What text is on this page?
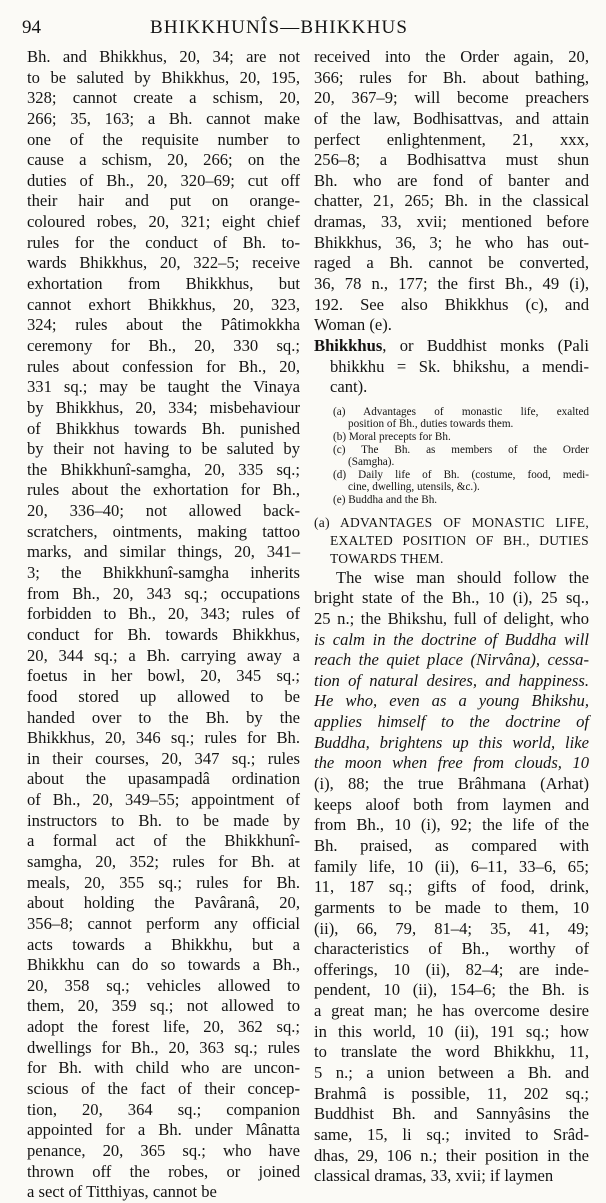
94	BHIKKHUNÎS—BHIKKHUS
Bh. and Bhikkhus, 20, 34; are not
to be saluted by Bhikkhus, 20, 195,
328; cannot create a schism, 20,
266; 35, 163; a Bh. cannot make
one of the requisite number to
cause a schism, 20, 266; on the
duties of Bh., 20, 320–69; cut off
their hair and put on orange-
coloured robes, 20, 321; eight chief
rules for the conduct of Bh. to-
wards Bhikkhus, 20, 322–5; receive
exhortation from Bhikkhus, but
cannot exhort Bhikkhus, 20, 323,
324; rules about the Pâtimokkha
ceremony for Bh., 20, 330 sq.;
rules about confession for Bh., 20,
331 sq.; may be taught the Vinaya
by Bhikkhus, 20, 334; misbehaviour
of Bhikkhus towards Bh. punished
by their not having to be saluted by
the Bhikkhunî-samgha, 20, 335 sq.;
rules about the exhortation for Bh.,
20, 336–40; not allowed back-
scratchers, ointments, making tattoo
marks, and similar things, 20, 341–
3; the Bhikkhunî-samgha inherits
from Bh., 20, 343 sq.; occupations
forbidden to Bh., 20, 343; rules of
conduct for Bh. towards Bhikkhus,
20, 344 sq.; a Bh. carrying away a
foetus in her bowl, 20, 345 sq.;
food stored up allowed to be
handed over to the Bh. by the
Bhikkhus, 20, 346 sq.; rules for Bh.
in their courses, 20, 347 sq.; rules
about the upasampadâ ordination
of Bh., 20, 349–55; appointment of
instructors to Bh. to be made by
a formal act of the Bhikkhunî-
samgha, 20, 352; rules for Bh. at
meals, 20, 355 sq.; rules for Bh.
about holding the Pavâranâ, 20,
356–8; cannot perform any official
acts towards a Bhikkhu, but a
Bhikkhu can do so towards a Bh.,
20, 358 sq.; vehicles allowed to
them, 20, 359 sq.; not allowed to
adopt the forest life, 20, 362 sq.;
dwellings for Bh., 20, 363 sq.; rules
for Bh. with child who are uncon-
scious of the fact of their concep-
tion, 20, 364 sq.; companion
appointed for a Bh. under Mânatta
penance, 20, 365 sq.; who have
thrown off the robes, or joined
a sect of Titthiyas, cannot be
received into the Order again, 20,
366; rules for Bh. about bathing,
20, 367–9; will become preachers
of the law, Bodhisattvas, and attain
perfect enlightenment, 21, xxx,
256–8; a Bodhisattva must shun
Bh. who are fond of banter and
chatter, 21, 265; Bh. in the classical
dramas, 33, xvii; mentioned before
Bhikkhus, 36, 3; he who has out-
raged a Bh. cannot be converted,
36, 78 n., 177; the first Bh., 49 (i),
192. See also Bhikkhus (c), and
Woman (e).
Bhikkhus, or Buddhist monks (Pali
bhikkhu = Sk. bhikshu, a mendi-
cant).
(a) Advantages of monastic life, exalted
position of Bh., duties towards them.
(b) Moral precepts for Bh.
(c) The Bh. as members of the Order
(Samgha).
(d) Daily life of Bh. (costume, food, medi-
cine, dwelling, utensils, &c.).
(e) Buddha and the Bh.
(a) ADVANTAGES OF MONASTIC LIFE,
EXALTED POSITION OF BH., DUTIES
TOWARDS THEM.
The wise man should follow the
bright state of the Bh., 10 (i), 25 sq.,
25 n.; the Bhikshu, full of delight, who
is calm in the doctrine of Buddha will
reach the quiet place (Nirvâna), cessa-
tion of natural desires, and happiness.
He who, even as a young Bhikshu,
applies himself to the doctrine of
Buddha, brightens up this world, like
the moon when free from clouds, 10
(i), 88; the true Brâhmana (Arhat)
keeps aloof both from laymen and
from Bh., 10 (i), 92; the life of the
Bh. praised, as compared with
family life, 10 (ii), 6–11, 33–6, 65;
11, 187 sq.; gifts of food, drink,
garments to be made to them, 10
(ii), 66, 79, 81–4; 35, 41, 49;
characteristics of Bh., worthy of
offerings, 10 (ii), 82–4; are inde-
pendent, 10 (ii), 154–6; the Bh. is
a great man; he has overcome desire
in this world, 10 (ii), 191 sq.; how
to translate the word Bhikkhu, 11,
5 n.; a union between a Bh. and
Brahmâ is possible, 11, 202 sq.;
Buddhist Bh. and Sannyâsins the
same, 15, li sq.; invited to Srâd-
dhas, 29, 106 n.; their position in the
classical dramas, 33, xvii; if laymen
